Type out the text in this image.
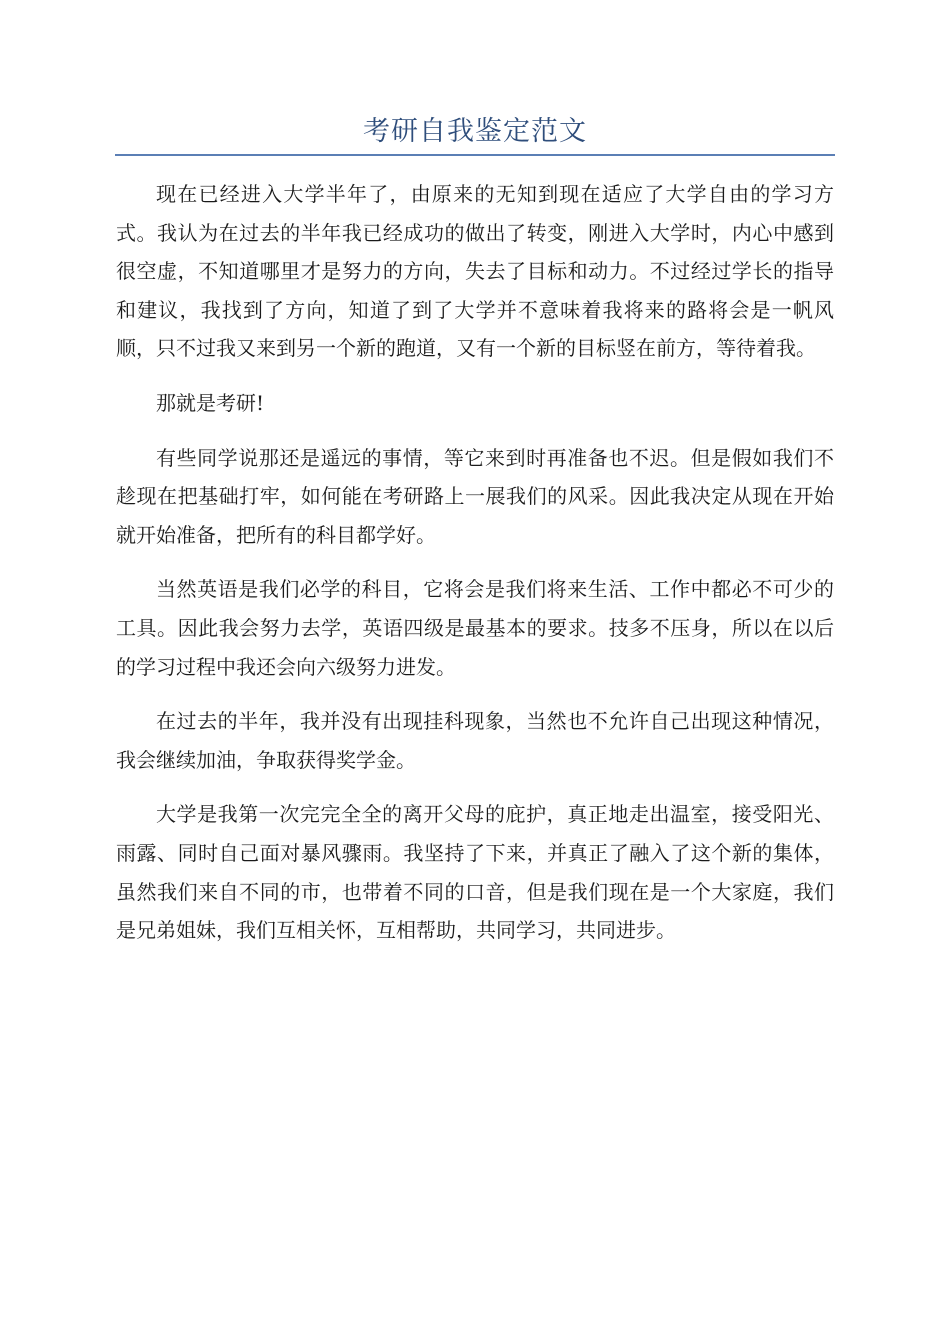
考研自我鉴定范文

现在已经进入大学半年了，由原来的无知到现在适应了大学自由的学习方式。我认为在过去的半年我已经成功的做出了转变，刚进入大学时，内心中感到很空虚，不知道哪里才是努力的方向，失去了目标和动力。不过经过学长的指导和建议，我找到了方向，知道了到了大学并不意味着我将来的路将会是一帆风顺，只不过我又来到另一个新的跑道，又有一个新的目标竖在前方，等待着我。

那就是考研!

有些同学说那还是遥远的事情，等它来到时再准备也不迟。但是假如我们不趁现在把基础打牢，如何能在考研路上一展我们的风采。因此我决定从现在开始就开始准备，把所有的科目都学好。

当然英语是我们必学的科目，它将会是我们将来生活、工作中都必不可少的工具。因此我会努力去学，英语四级是最基本的要求。技多不压身，所以在以后的学习过程中我还会向六级努力进发。

在过去的半年，我并没有出现挂科现象，当然也不允许自己出现这种情况，我会继续加油，争取获得奖学金。

大学是我第一次完完全全的离开父母的庇护，真正地走出温室，接受阳光、雨露、同时自己面对暴风骤雨。我坚持了下来，并真正了融入了这个新的集体，虽然我们来自不同的市，也带着不同的口音，但是我们现在是一个大家庭，我们是兄弟姐妹，我们互相关怀，互相帮助，共同学习，共同进步。
